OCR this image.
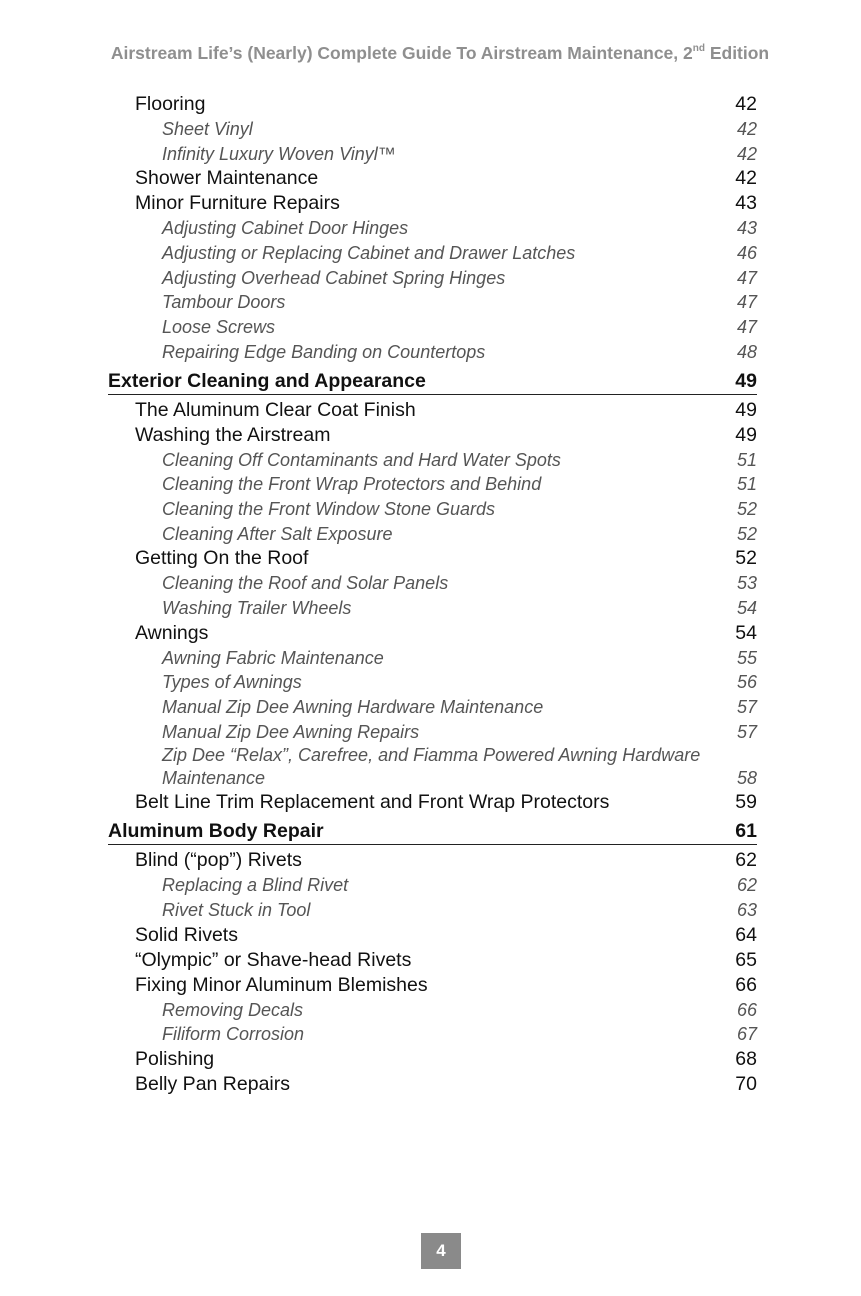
Airstream Life’s (Nearly) Complete Guide To Airstream Maintenance, 2nd Edition
Flooring	42
Sheet Vinyl	42
Infinity Luxury Woven Vinyl™	42
Shower Maintenance	42
Minor Furniture Repairs	43
Adjusting Cabinet Door Hinges	43
Adjusting or Replacing Cabinet and Drawer Latches	46
Adjusting Overhead Cabinet Spring Hinges	47
Tambour Doors	47
Loose Screws	47
Repairing Edge Banding on Countertops	48
Exterior Cleaning and Appearance	49
The Aluminum Clear Coat Finish	49
Washing the Airstream	49
Cleaning Off Contaminants and Hard Water Spots	51
Cleaning the Front Wrap Protectors and Behind	51
Cleaning the Front Window Stone Guards	52
Cleaning After Salt Exposure	52
Getting On the Roof	52
Cleaning the Roof and Solar Panels	53
Washing Trailer Wheels	54
Awnings	54
Awning Fabric Maintenance	55
Types of Awnings	56
Manual Zip Dee Awning Hardware Maintenance	57
Manual Zip Dee Awning Repairs	57
Zip Dee “Relax”, Carefree, and Fiamma Powered Awning Hardware Maintenance	58
Belt Line Trim Replacement and Front Wrap Protectors	59
Aluminum Body Repair	61
Blind (“pop”) Rivets	62
Replacing a Blind Rivet	62
Rivet Stuck in Tool	63
Solid Rivets	64
“Olympic” or Shave-head Rivets	65
Fixing Minor Aluminum Blemishes	66
Removing Decals	66
Filiform Corrosion	67
Polishing	68
Belly Pan Repairs	70
4
